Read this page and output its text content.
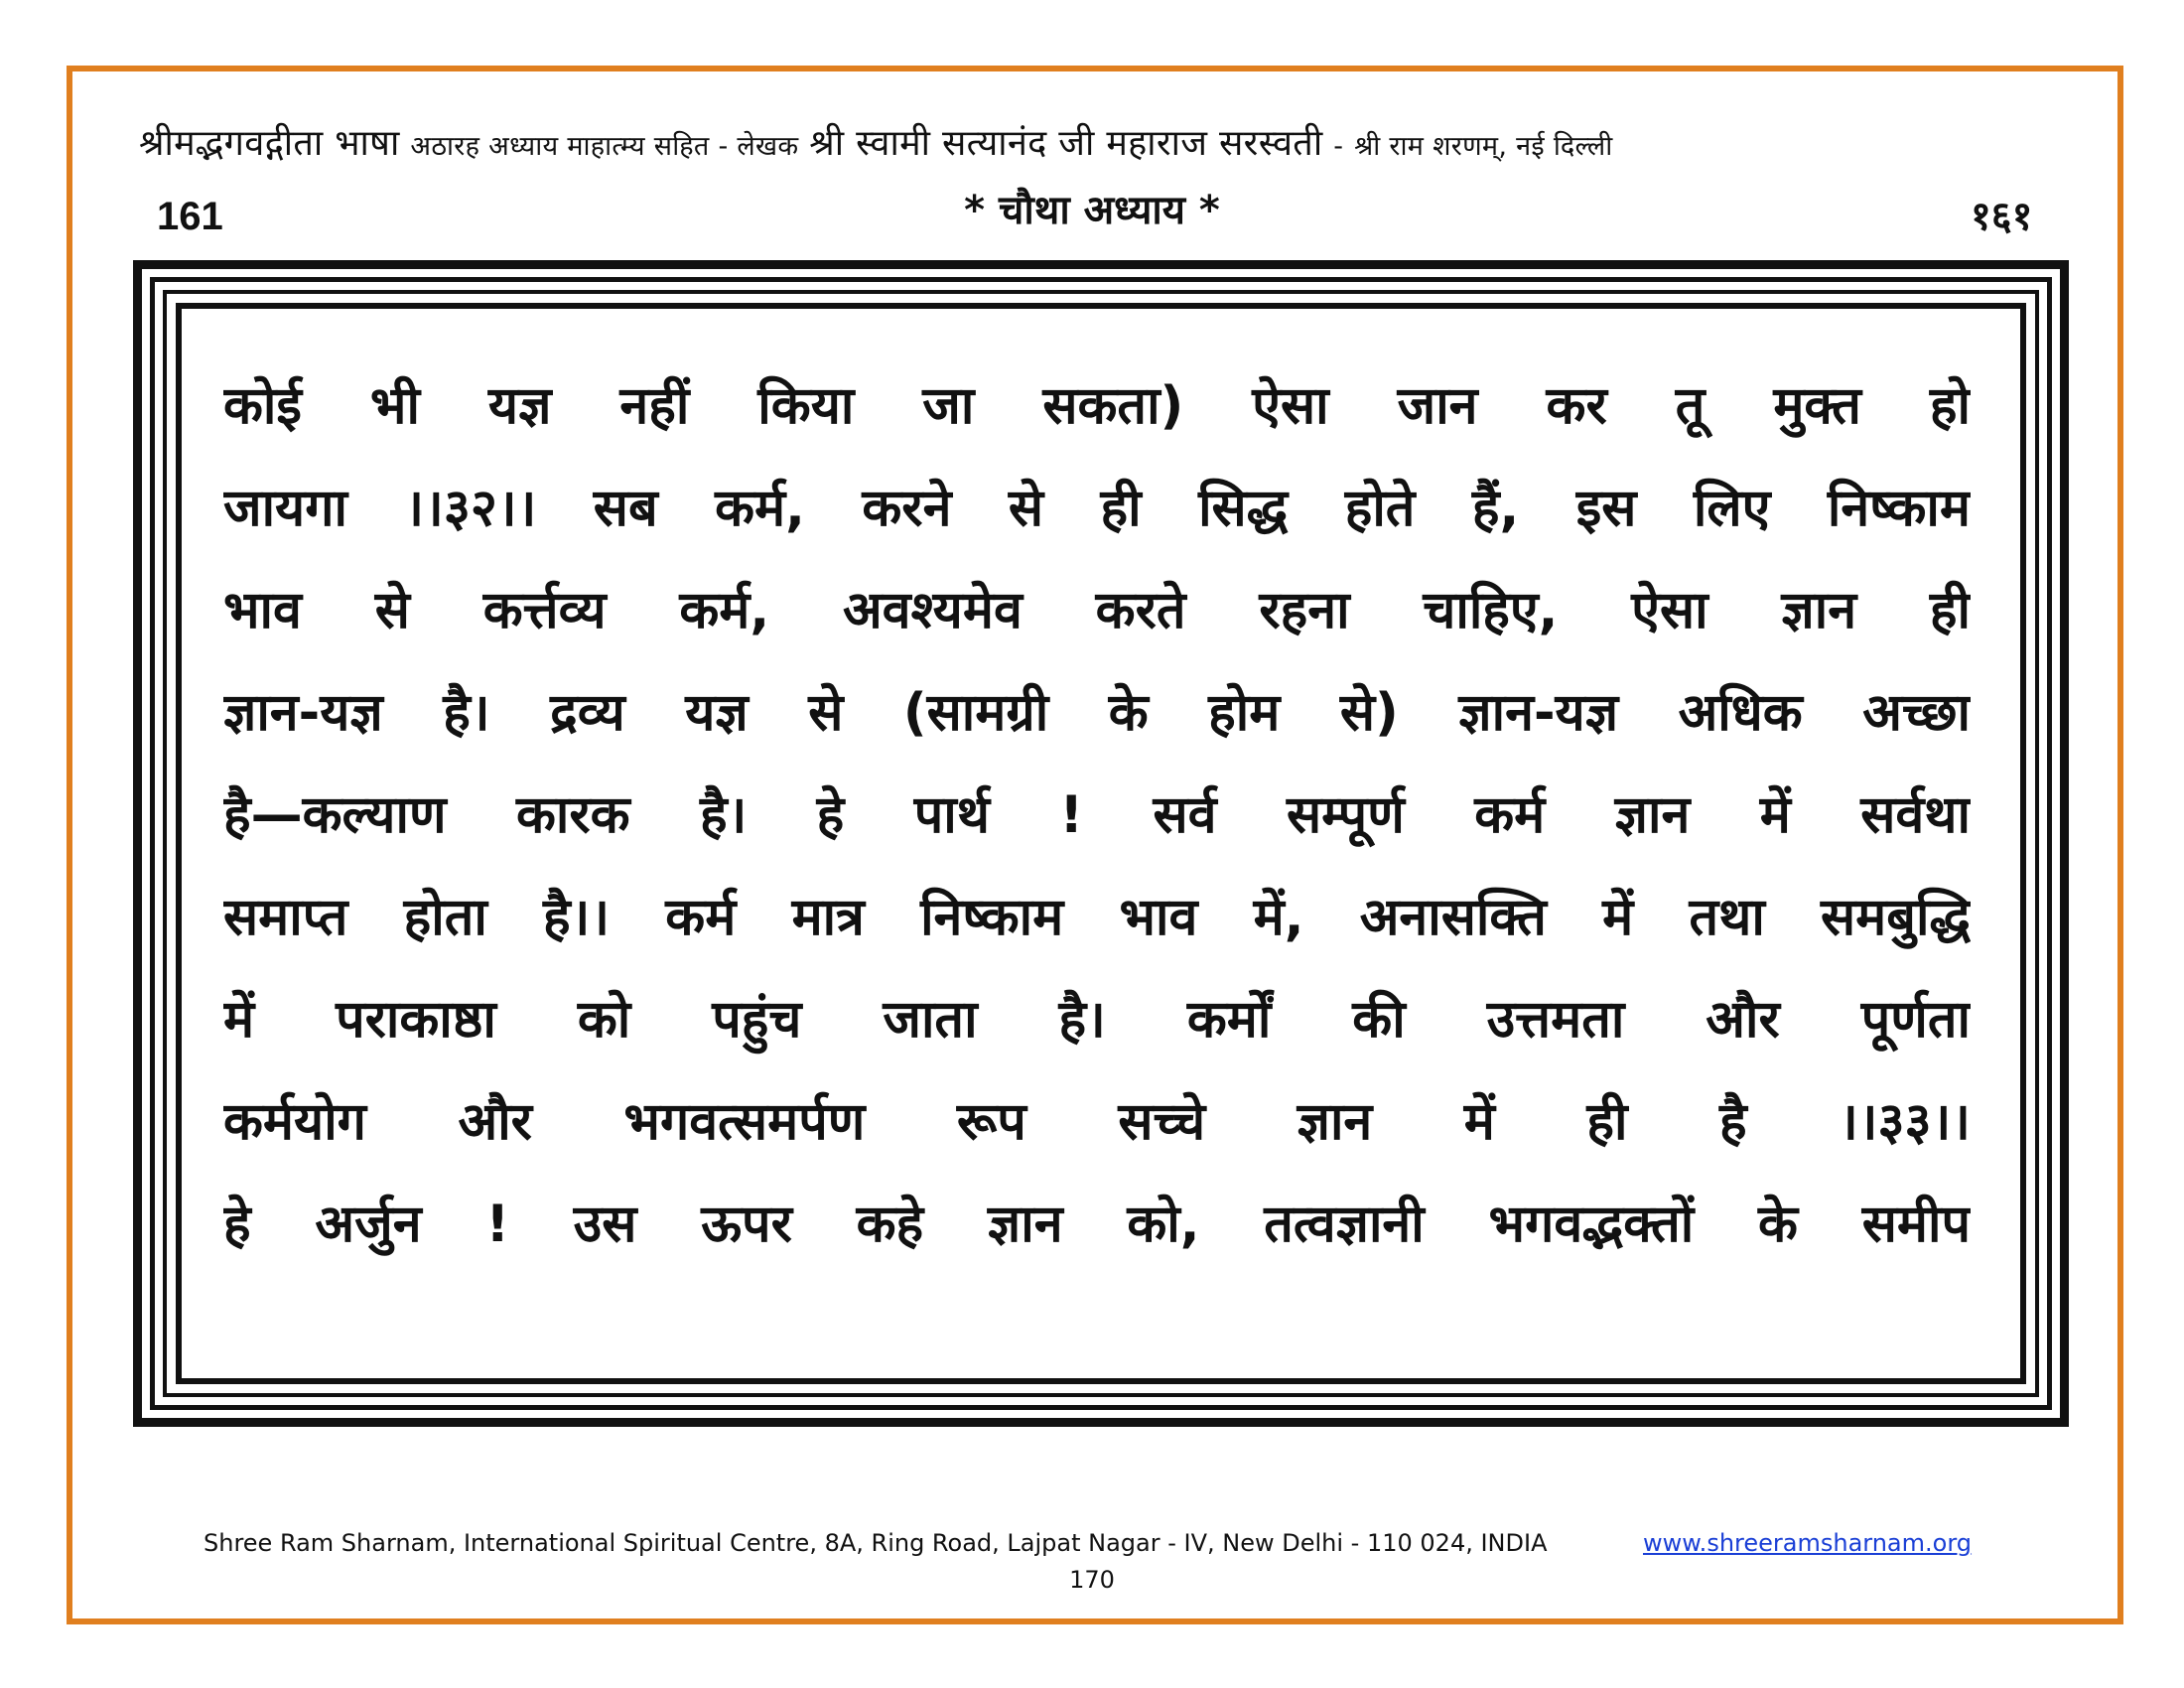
श्रीमद्भगवद्गीता भाषा अठारह अध्याय माहात्म्य सहित - लेखक श्री स्वामी सत्यानंद जी महाराज सरस्वती - श्री राम शरणम्, नई दिल्ली
161	* चौथा अध्याय *	१६१
कोई भी यज्ञ नहीं किया जा सकता) ऐसा जान कर तू मुक्त हो
जायगा ।।३२।। सब कर्म, करने से ही सिद्ध होते हैं, इस लिए निष्काम
भाव से कर्त्तव्य कर्म, अवश्यमेव करते रहना चाहिए, ऐसा ज्ञान ही
ज्ञान-यज्ञ है। द्रव्य यज्ञ से (सामग्री के होम से) ज्ञान-यज्ञ अधिक अच्छा
है—कल्याण कारक है। हे पार्थ ! सर्व सम्पूर्ण कर्म ज्ञान में सर्वथा
समाप्त होता है।। कर्म मात्र निष्काम भाव में, अनासक्ति में तथा समबुद्धि
में पराकाष्ठा को पहुंच जाता है। कर्मों की उत्तमता और पूर्णता
कर्मयोग और भगवत्समर्पण रूप सच्चे ज्ञान में ही है ।।३३।।
हे अर्जुन ! उस ऊपर कहे ज्ञान को, तत्वज्ञानी भगवद्भक्तों के समीप
Shree Ram Sharnam, International Spiritual Centre, 8A, Ring Road, Lajpat Nagar - IV, New Delhi - 110 024, INDIA	www.shreeramsharnam.org
170
